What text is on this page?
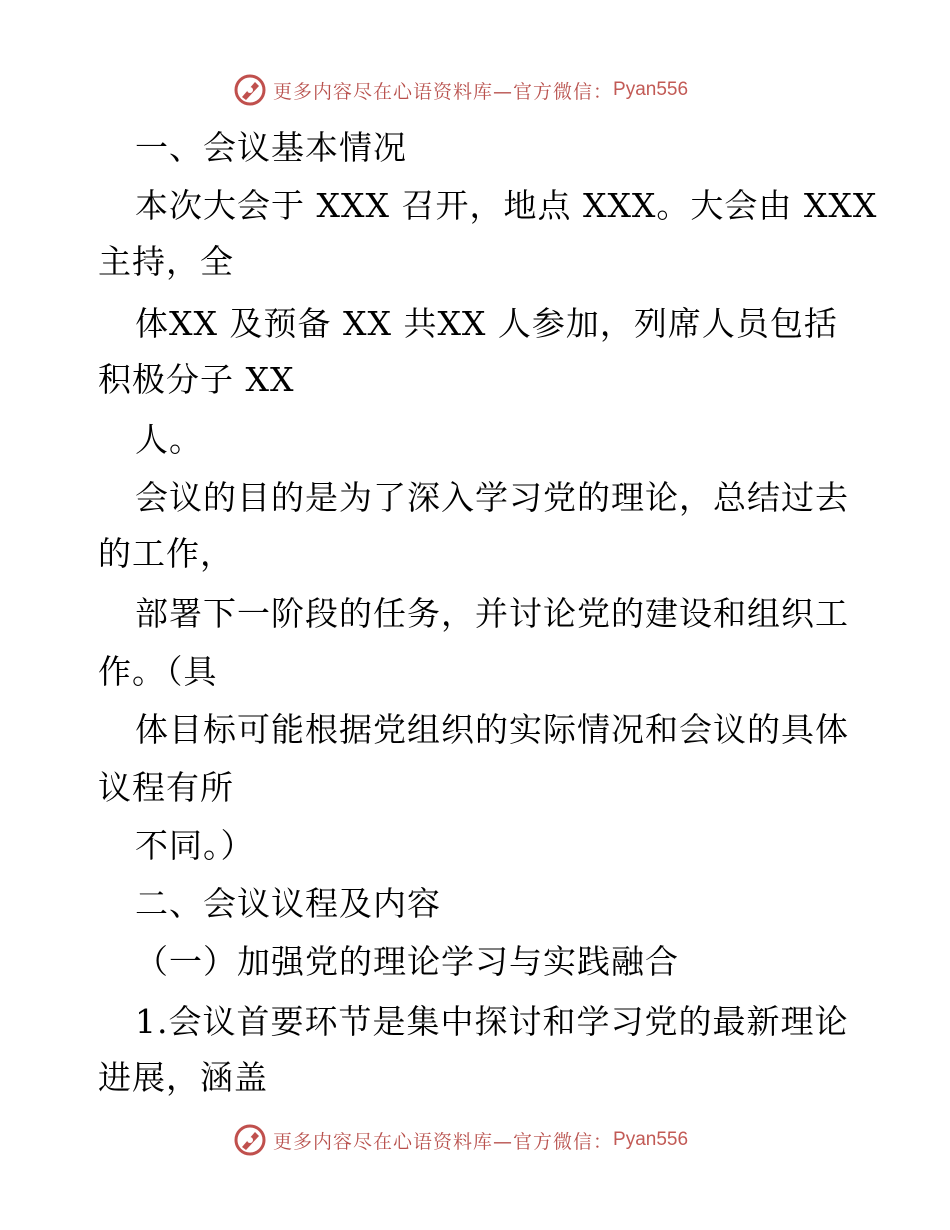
更多内容尽在心语资料库—官方微信： Pyan556
一、会议基本情况
本次大会于 XXX 召开，地点 XXX。大会由 XXX
主持，全
体XX 及预备 XX 共XX 人参加，列席人员包括
积极分子 XX
人。
会议的目的是为了深入学习党的理论，总结过去
的工作，
部署下一阶段的任务，并讨论党的建设和组织工
作。（具
体目标可能根据党组织的实际情况和会议的具体
议程有所
不同。）
二、会议议程及内容
（一）加强党的理论学习与实践融合
1.会议首要环节是集中探讨和学习党的最新理论
进展，涵盖
更多内容尽在心语资料库—官方微信： Pyan556
